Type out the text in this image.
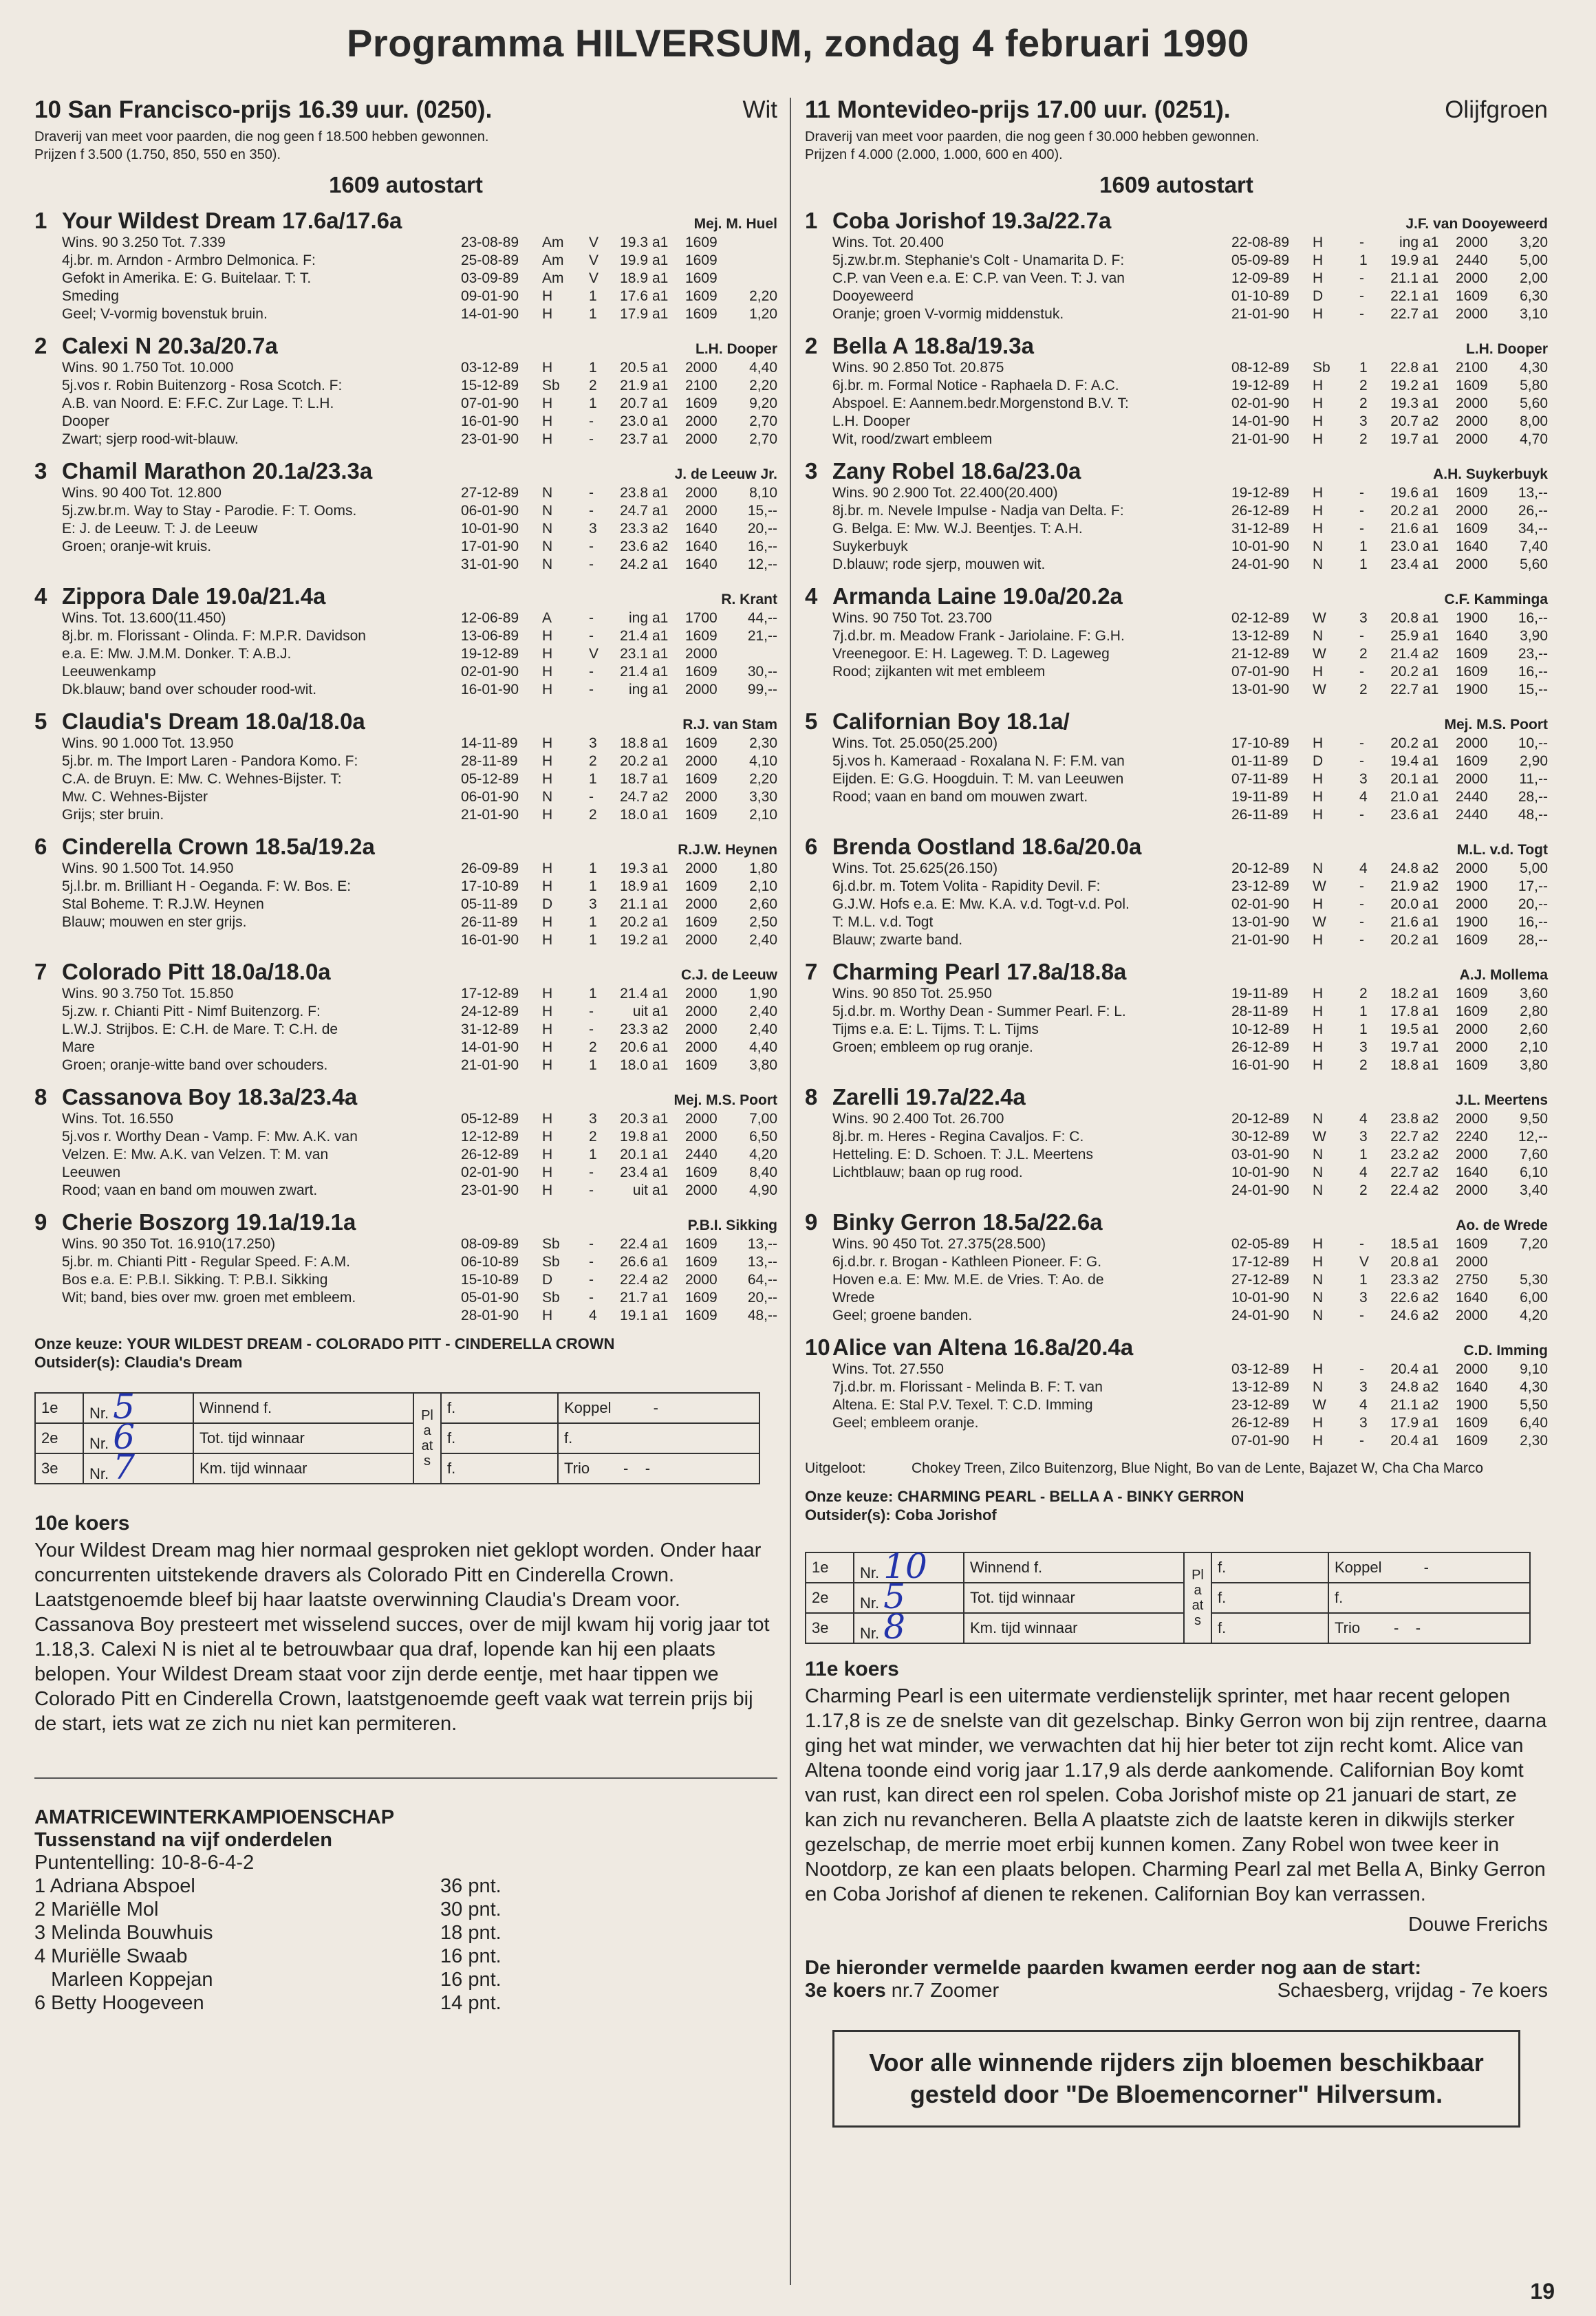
Programma HILVERSUM, zondag 4 februari 1990
10 San Francisco-prijs 16.39 uur. (0250).	Wit
Draverij van meet voor paarden, die nog geen f 18.500 hebben gewonnen.
Prijzen f 3.500 (1.750, 850, 550 en 350).
1609 autostart
1 Your Wildest Dream 17.6a/17.6a	Mej. M. Huel
Wins. 90 3.250 Tot. 7.339
4j.br. m. Arndon - Armbro Delmonica. F:
Gefokt in Amerika. E: G. Buitelaar. T: T.
Smeding
Geel; V-vormig bovenstuk bruin.
23-08-89	Am	V	19.3 a1	1609
25-08-89	Am	V	19.9 a1	1609
03-09-89	Am	V	18.9 a1	1609
09-01-90	H	1	17.6 a1	1609	2,20
14-01-90	H	1	17.9 a1	1609	1,20
2 Calexi N 20.3a/20.7a	L.H. Dooper
Wins. 90 1.750 Tot. 10.000
5j.vos r. Robin Buitenzorg - Rosa Scotch. F:
A.B. van Noord. E: F.F.C. Zur Lage. T: L.H.
Dooper
Zwart; sjerp rood-wit-blauw.
03-12-89	H	1	20.5 a1	2000	4,40
15-12-89	Sb	2	21.9 a1	2100	2,20
07-01-90	H	1	20.7 a1	1609	9,20
16-01-90	H	-	23.0 a1	2000	2,70
23-01-90	H	-	23.7 a1	2000	2,70
3 Chamil Marathon 20.1a/23.3a	J. de Leeuw Jr.
Wins. 90 400 Tot. 12.800
5j.zw.br.m. Way to Stay - Parodie. F: T. Ooms.
E: J. de Leeuw. T: J. de Leeuw
Groen; oranje-wit kruis.
27-12-89	N	-	23.8 a1	2000	8,10
06-01-90	N	-	24.7 a1	2000	15,--
10-01-90	N	3	23.3 a2	1640	20,--
17-01-90	N	-	23.6 a2	1640	16,--
31-01-90	N	-	24.2 a1	1640	12,--
4 Zippora Dale 19.0a/21.4a	R. Krant
Wins. Tot. 13.600(11.450)
8j.br. m. Florissant - Olinda. F: M.P.R. Davidson
e.a. E: Mw. J.M.M. Donker. T: A.B.J.
Leeuwenkamp
Dk.blauw; band over schouder rood-wit.
12-06-89	A	-	ing a1	1700	44,--
13-06-89	H	-	21.4 a1	1609	21,--
19-12-89	H	V	23.1 a1	2000
02-01-90	H	-	21.4 a1	1609	30,--
16-01-90	H	-	ing a1	2000	99,--
5 Claudia's Dream 18.0a/18.0a	R.J. van Stam
Wins. 90 1.000 Tot. 13.950
5j.br. m. The Import Laren - Pandora Komo. F:
C.A. de Bruyn. E: Mw. C. Wehnes-Bijster. T:
Mw. C. Wehnes-Bijster
Grijs; ster bruin.
14-11-89	H	3	18.8 a1	1609	2,30
28-11-89	H	2	20.2 a1	2000	4,10
05-12-89	H	1	18.7 a1	1609	2,20
06-01-90	N	-	24.7 a2	2000	3,30
21-01-90	H	2	18.0 a1	1609	2,10
6 Cinderella Crown 18.5a/19.2a	R.J.W. Heynen
Wins. 90 1.500 Tot. 14.950
5j.l.br. m. Brilliant H - Oeganda. F: W. Bos. E:
Stal Boheme. T: R.J.W. Heynen
Blauw; mouwen en ster grijs.
26-09-89	H	1	19.3 a1	2000	1,80
17-10-89	H	1	18.9 a1	1609	2,10
05-11-89	D	3	21.1 a1	2000	2,60
26-11-89	H	1	20.2 a1	1609	2,50
16-01-90	H	1	19.2 a1	2000	2,40
7 Colorado Pitt 18.0a/18.0a	C.J. de Leeuw
Wins. 90 3.750 Tot. 15.850
5j.zw. r. Chianti Pitt - Nimf Buitenzorg. F:
L.W.J. Strijbos. E: C.H. de Mare. T: C.H. de
Mare
Groen; oranje-witte band over schouders.
17-12-89	H	1	21.4 a1	2000	1,90
24-12-89	H	-	uit a1	2000	2,40
31-12-89	H	-	23.3 a2	2000	2,40
14-01-90	H	2	20.6 a1	2000	4,40
21-01-90	H	1	18.0 a1	1609	3,80
8 Cassanova Boy 18.3a/23.4a	Mej. M.S. Poort
Wins. Tot. 16.550
5j.vos r. Worthy Dean - Vamp. F: Mw. A.K. van
Velzen. E: Mw. A.K. van Velzen. T: M. van
Leeuwen
Rood; vaan en band om mouwen zwart.
05-12-89	H	3	20.3 a1	2000	7,00
12-12-89	H	2	19.8 a1	2000	6,50
26-12-89	H	1	20.1 a1	2440	4,20
02-01-90	H	-	23.4 a1	1609	8,40
23-01-90	H	-	uit a1	2000	4,90
9 Cherie Boszorg 19.1a/19.1a	P.B.I. Sikking
Wins. 90 350 Tot. 16.910(17.250)
5j.br. m. Chianti Pitt - Regular Speed. F: A.M.
Bos e.a. E: P.B.I. Sikking. T: P.B.I. Sikking
Wit; band, bies over mw. groen met embleem.
08-09-89	Sb	-	22.4 a1	1609	13,--
06-10-89	Sb	-	26.6 a1	1609	13,--
15-10-89	D	-	22.4 a2	2000	64,--
05-01-90	Sb	-	21.7 a1	1609	20,--
28-01-90	H	4	19.1 a1	1609	48,--
Onze keuze: YOUR WILDEST DREAM - COLORADO PITT - CINDERELLA CROWN
Outsider(s): Claudia's Dream
1e	Nr. 5	Winnend f.	Plaats	f.	Koppel -
2e	Nr. 6	Tot. tijd winnaar		f.	f.
3e	Nr. 7	Km. tijd winnaar		f.	Trio - -
10e koers
Your Wildest Dream mag hier normaal gesproken niet geklopt worden. Onder haar concurrenten uitstekende dravers als Colorado Pitt en Cinderella Crown. Laatstgenoemde bleef bij haar laatste overwinning Claudia's Dream voor. Cassanova Boy presteert met wisselend succes, over de mijl kwam hij vorig jaar tot 1.18,3. Calexi N is niet al te betrouwbaar qua draf, lopende kan hij een plaats belopen. Your Wildest Dream staat voor zijn derde eentje, met haar tippen we Colorado Pitt en Cinderella Crown, laatstgenoemde geeft vaak wat terrein prijs bij de start, iets wat ze zich nu niet kan permiteren.
AMATRICEWINTERKAMPIOENSCHAP
Tussenstand na vijf onderdelen
Puntentelling: 10-8-6-4-2
1 Adriana Abspoel	36 pnt.
2 Mariëlle Mol	30 pnt.
3 Melinda Bouwhuis	18 pnt.
4 Muriëlle Swaab	16 pnt.
Marleen Koppejan	16 pnt.
6 Betty Hoogeveen	14 pnt.
11 Montevideo-prijs 17.00 uur. (0251).	Olijfgroen
Draverij van meet voor paarden, die nog geen f 30.000 hebben gewonnen.
Prijzen f 4.000 (2.000, 1.000, 600 en 400).
1609 autostart
1 Coba Jorishof 19.3a/22.7a	J.F. van Dooyeweerd
Wins. Tot. 20.400
5j.zw.br.m. Stephanie's Colt - Unamarita D. F:
C.P. van Veen e.a. E: C.P. van Veen. T: J. van
Dooyeweerd
Oranje; groen V-vormig middenstuk.
22-08-89	H	-	ing a1	2000	3,20
05-09-89	H	1	19.9 a1	2440	5,00
12-09-89	H	-	21.1 a1	2000	2,00
01-10-89	D	-	22.1 a1	1609	6,30
21-01-90	H	-	22.7 a1	2000	3,10
2 Bella A 18.8a/19.3a	L.H. Dooper
Wins. 90 2.850 Tot. 20.875
6j.br. m. Formal Notice - Raphaela D. F: A.C.
Abspoel. E: Aannem.bedr.Morgenstond B.V. T:
L.H. Dooper
Wit, rood/zwart embleem
08-12-89	Sb	1	22.8 a1	2100	4,30
19-12-89	H	2	19.2 a1	1609	5,80
02-01-90	H	2	19.3 a1	2000	5,60
14-01-90	H	3	20.7 a2	2000	8,00
21-01-90	H	2	19.7 a1	2000	4,70
3 Zany Robel 18.6a/23.0a	A.H. Suykerbuyk
Wins. 90 2.900 Tot. 22.400(20.400)
8j.br. m. Nevele Impulse - Nadja van Delta. F:
G. Belga. E: Mw. W.J. Beentjes. T: A.H.
Suykerbuyk
D.blauw; rode sjerp, mouwen wit.
19-12-89	H	-	19.6 a1	1609	13,--
26-12-89	H	-	20.2 a1	2000	26,--
31-12-89	H	-	21.6 a1	1609	34,--
10-01-90	N	1	23.0 a1	1640	7,40
24-01-90	N	1	23.4 a1	2000	5,60
4 Armanda Laine 19.0a/20.2a	C.F. Kamminga
Wins. 90 750 Tot. 23.700
7j.d.br. m. Meadow Frank - Jariolaine. F: G.H.
Vreenegoor. E: H. Lageweg. T: D. Lageweg
Rood; zijkanten wit met embleem
02-12-89	W	3	20.8 a1	1900	16,--
13-12-89	N	-	25.9 a1	1640	3,90
21-12-89	W	2	21.4 a2	1609	23,--
07-01-90	H	-	20.2 a1	1609	16,--
13-01-90	W	2	22.7 a1	1900	15,--
5 Californian Boy 18.1a/	Mej. M.S. Poort
Wins. Tot. 25.050(25.200)
5j.vos h. Kameraad - Roxalana N. F: F.M. van
Eijden. E: G.G. Hoogduin. T: M. van Leeuwen
Rood; vaan en band om mouwen zwart.
17-10-89	H	-	20.2 a1	2000	10,--
01-11-89	D	-	19.4 a1	1609	2,90
07-11-89	H	3	20.1 a1	2000	11,--
19-11-89	H	4	21.0 a1	2440	28,--
26-11-89	H	-	23.6 a1	2440	48,--
6 Brenda Oostland 18.6a/20.0a	M.L. v.d. Togt
Wins. Tot. 25.625(26.150)
6j.d.br. m. Totem Volita - Rapidity Devil. F:
G.J.W. Hofs e.a. E: Mw. K.A. v.d. Togt-v.d. Pol.
T: M.L. v.d. Togt
Blauw; zwarte band.
20-12-89	N	4	24.8 a2	2000	5,00
23-12-89	W	-	21.9 a2	1900	17,--
02-01-90	H	-	20.0 a1	2000	20,--
13-01-90	W	-	21.6 a1	1900	16,--
21-01-90	H	-	20.2 a1	1609	28,--
7 Charming Pearl 17.8a/18.8a	A.J. Mollema
Wins. 90 850 Tot. 25.950
5j.d.br. m. Worthy Dean - Summer Pearl. F: L.
Tijms e.a. E: L. Tijms. T: L. Tijms
Groen; embleem op rug oranje.
19-11-89	H	2	18.2 a1	1609	3,60
28-11-89	H	1	17.8 a1	1609	2,80
10-12-89	H	1	19.5 a1	2000	2,60
26-12-89	H	3	19.7 a1	2000	2,10
16-01-90	H	2	18.8 a1	1609	3,80
8 Zarelli 19.7a/22.4a	J.L. Meertens
Wins. 90 2.400 Tot. 26.700
8j.br. m. Heres - Regina Cavaljos. F: C.
Hetteling. E: D. Schoen. T: J.L. Meertens
Lichtblauw; baan op rug rood.
20-12-89	N	4	23.8 a2	2000	9,50
30-12-89	W	3	22.7 a2	2240	12,--
03-01-90	N	1	23.2 a2	2000	7,60
10-01-90	N	4	22.7 a2	1640	6,10
24-01-90	N	2	22.4 a2	2000	3,40
9 Binky Gerron 18.5a/22.6a	Ao. de Wrede
Wins. 90 450 Tot. 27.375(28.500)
6j.d.br. r. Brogan - Kathleen Pioneer. F: G.
Hoven e.a. E: Mw. M.E. de Vries. T: Ao. de
Wrede
Geel; groene banden.
02-05-89	H	-	18.5 a1	1609	7,20
17-12-89	H	V	20.8 a1	2000
27-12-89	N	1	23.3 a2	2750	5,30
10-01-90	N	3	22.6 a2	1640	6,00
24-01-90	N	-	24.6 a2	2000	4,20
10 Alice van Altena 16.8a/20.4a	C.D. Imming
Wins. Tot. 27.550
7j.d.br. m. Florissant - Melinda B. F: T. van
Altena. E: Stal P.V. Texel. T: C.D. Imming
Geel; embleem oranje.
03-12-89	H	-	20.4 a1	2000	9,10
13-12-89	N	3	24.8 a2	1640	4,30
23-12-89	W	4	21.1 a2	1900	5,50
26-12-89	H	3	17.9 a1	1609	6,40
07-01-90	H	-	20.4 a1	1609	2,30
Uitgeloot:	Chokey Treen, Zilco Buitenzorg, Blue Night, Bo van de Lente, Bajazet W, Cha Cha Marco
Onze keuze: CHARMING PEARL - BELLA A - BINKY GERRON
Outsider(s): Coba Jorishof
1e	Nr. 10	Winnend f.	Plaats	f.	Koppel -
2e	Nr. 5	Tot. tijd winnaar		f.	f.
3e	Nr. 8	Km. tijd winnaar		f.	Trio - -
11e koers
Charming Pearl is een uitermate verdienstelijk sprinter, met haar recent gelopen 1.17,8 is ze de snelste van dit gezelschap. Binky Gerron won bij zijn rentree, daarna ging het wat minder, we verwachten dat hij hier beter tot zijn recht komt. Alice van Altena toonde eind vorig jaar 1.17,9 als derde aankomende. Californian Boy komt van rust, kan direct een rol spelen. Coba Jorishof miste op 21 januari de start, ze kan zich nu revancheren. Bella A plaatste zich de laatste keren in dikwijls sterker gezelschap, de merrie moet erbij kunnen komen. Zany Robel won twee keer in Nootdorp, ze kan een plaats belopen. Charming Pearl zal met Bella A, Binky Gerron en Coba Jorishof af dienen te rekenen. Californian Boy kan verrassen.
Douwe Frerichs
De hieronder vermelde paarden kwamen eerder nog aan de start:
3e koers nr.7 Zoomer	Schaesberg, vrijdag - 7e koers
Voor alle winnende rijders zijn bloemen beschikbaar gesteld door "De Bloemencorner" Hilversum.
19
